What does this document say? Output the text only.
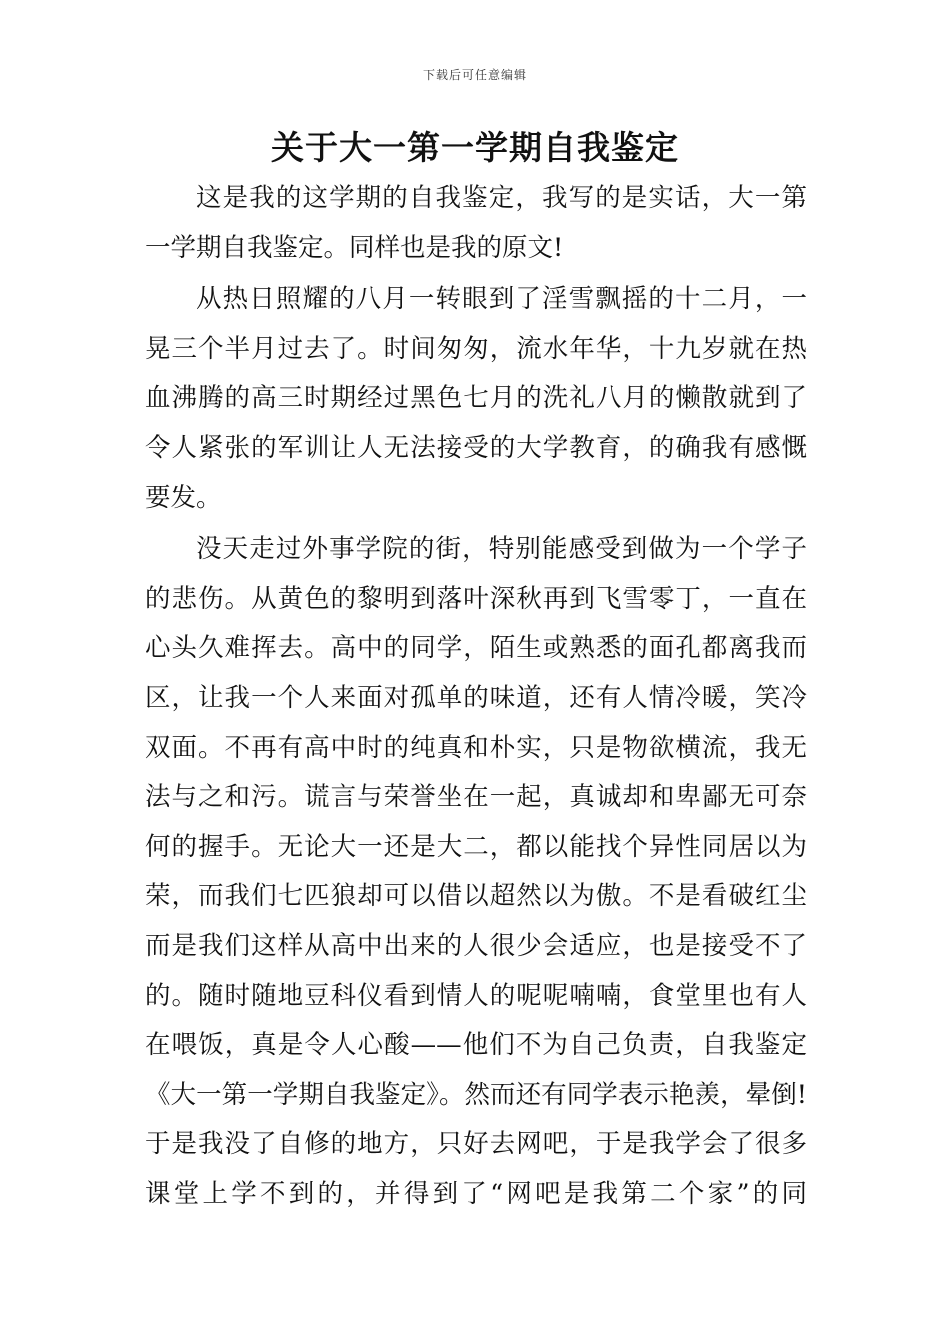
下载后可任意编辑
关于大一第一学期自我鉴定

这是我的这学期的自我鉴定，我写的是实话，大一第一学期自我鉴定。同样也是我的原文!

从热日照耀的八月一转眼到了淫雪飘摇的十二月，一晃三个半月过去了。时间匆匆，流水年华，十九岁就在热血沸腾的高三时期经过黑色七月的洗礼八月的懒散就到了令人紧张的军训让人无法接受的大学教育，的确我有感慨要发。

没天走过外事学院的街，特别能感受到做为一个学子的悲伤。从黄色的黎明到落叶深秋再到飞雪零丁，一直在心头久难挥去。高中的同学，陌生或熟悉的面孔都离我而区，让我一个人来面对孤单的味道，还有人情冷暖，笑冷双面。不再有高中时的纯真和朴实，只是物欲横流，我无法与之和污。谎言与荣誉坐在一起，真诚却和卑鄙无可奈何的握手。无论大一还是大二，都以能找个异性同居以为荣，而我们七匹狼却可以借以超然以为傲。不是看破红尘而是我们这样从高中出来的人很少会适应，也是接受不了的。随时随地豆科仪看到情人的呢呢喃喃，食堂里也有人在喂饭，真是令人心酸——他们不为自己负责，自我鉴定《大一第一学期自我鉴定》。然而还有同学表示艳羡，晕倒!于是我没了自修的地方，只好去网吧，于是我学会了很多课堂上学不到的，并得到了“网吧是我第二个家”的同
